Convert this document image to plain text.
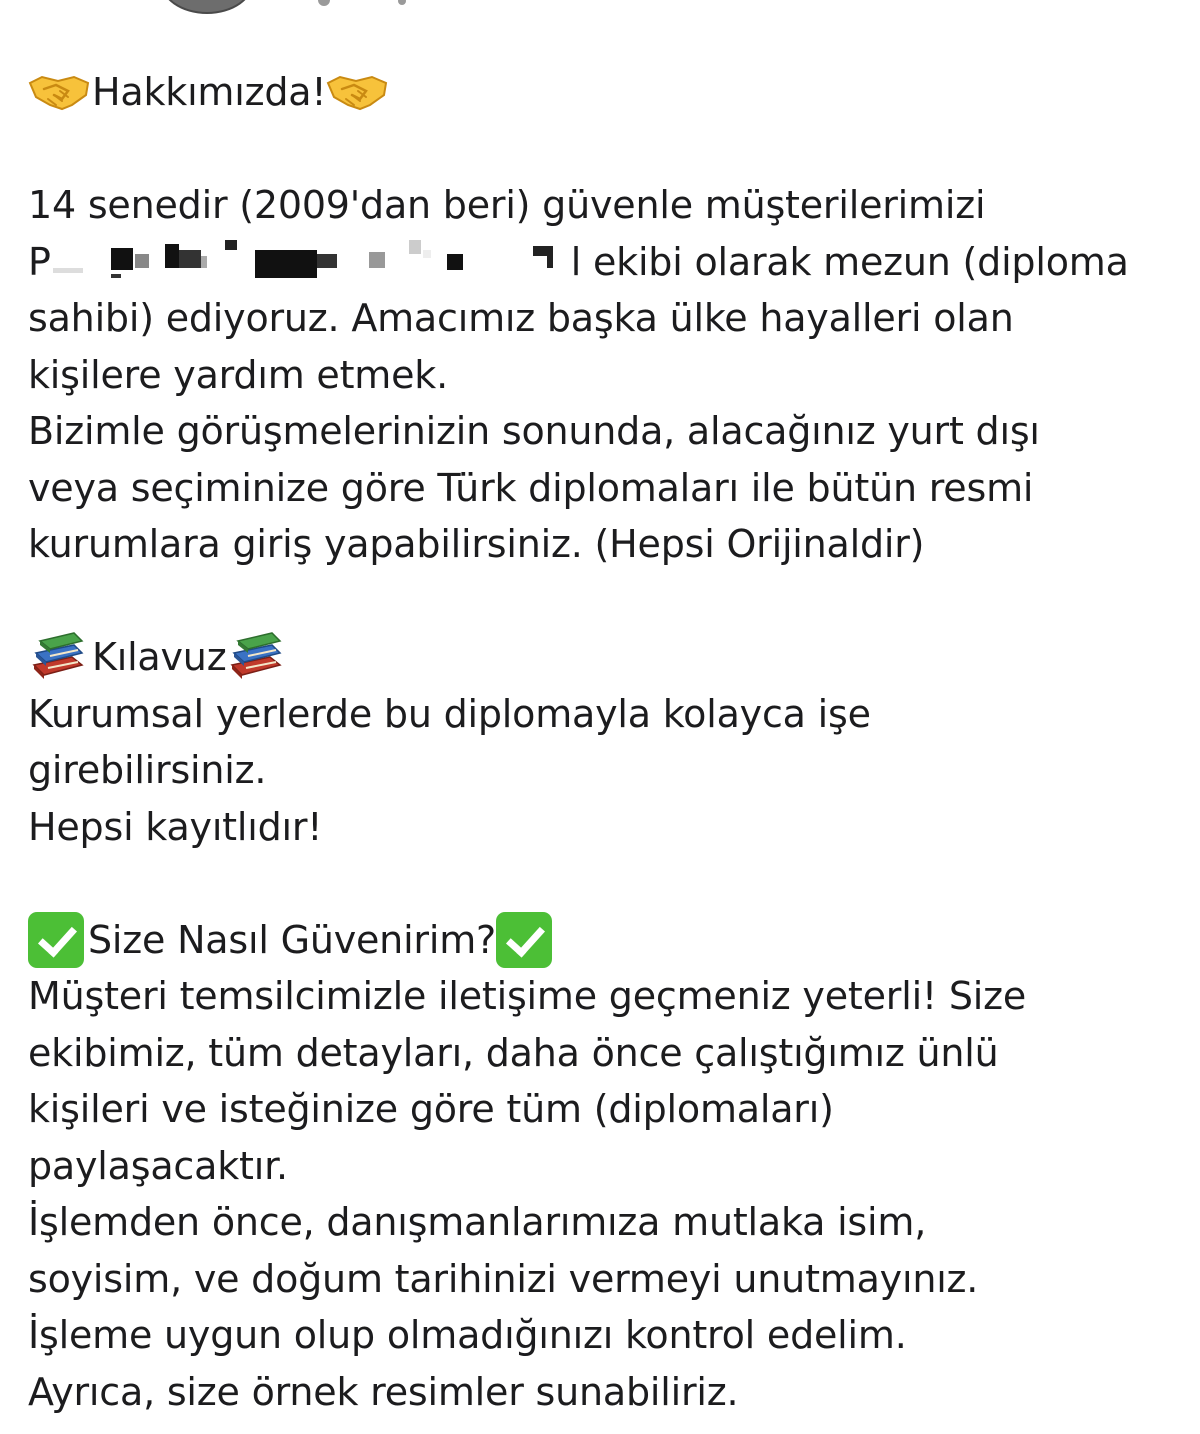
Hakkımızda!
14 senedir (2009'dan beri) güvenle müşterilerimizi
P	l ekibi olarak mezun (diploma
sahibi) ediyoruz. Amacımız başka ülke hayalleri olan
kişilere yardım etmek.
Bizimle görüşmelerinizin sonunda, alacağınız yurt dışı
veya seçiminize göre Türk diplomaları ile bütün resmi
kurumlara giriş yapabilirsiniz. (Hepsi Orijinaldir)
Kılavuz
Kurumsal yerlerde bu diplomayla kolayca işe
girebilirsiniz.
Hepsi kayıtlıdır!
Size Nasıl Güvenirim?
Müşteri temsilcimizle iletişime geçmeniz yeterli! Size
ekibimiz, tüm detayları, daha önce çalıştığımız ünlü
kişileri ve isteğinize göre tüm (diplomaları)
paylaşacaktır.
İşlemden önce, danışmanlarımıza mutlaka isim,
soyisim, ve doğum tarihinizi vermeyi unutmayınız.
İşleme uygun olup olmadığınızı kontrol edelim.
Ayrıca, size örnek resimler sunabiliriz.
